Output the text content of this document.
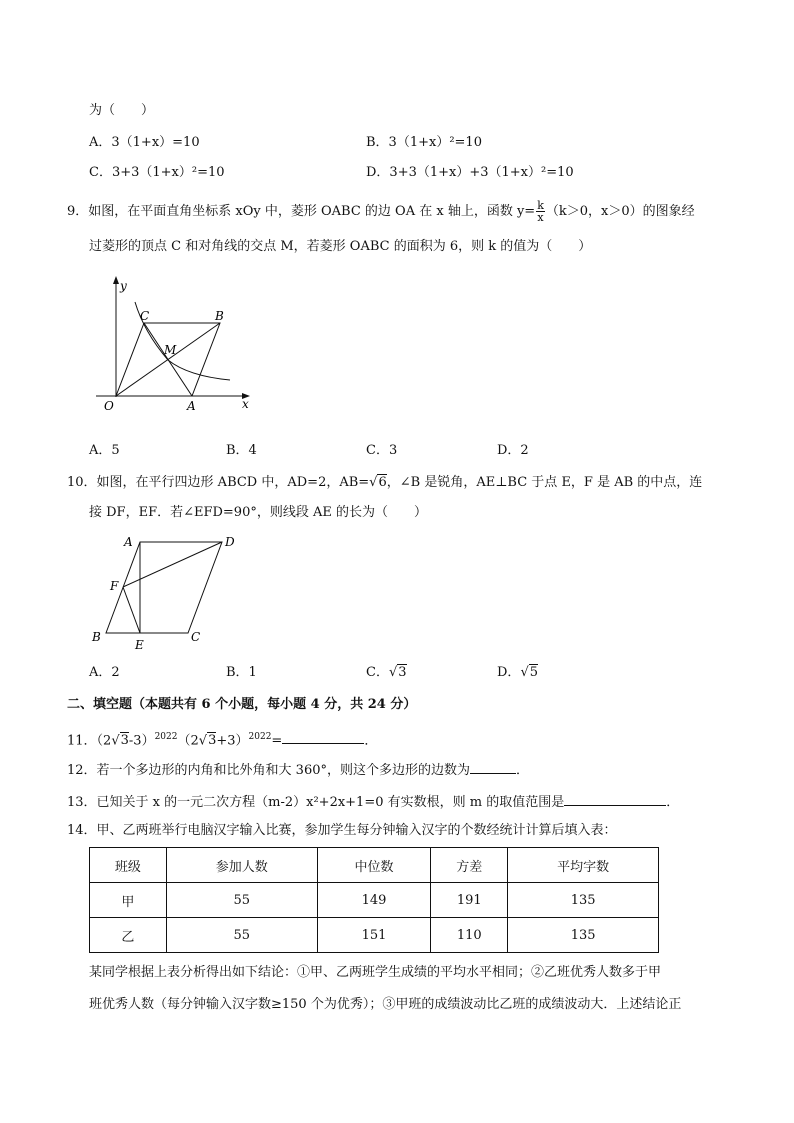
为（　　）
A．3（1+x）=10	B．3（1+x）²=10
C．3+3（1+x）²=10	D．3+3（1+x）+3（1+x）²=10
9．如图，在平面直角坐标系 xOy 中，菱形 OABC 的边 OA 在 x 轴上，函数 $y= \frac{k}{x} (k>0$，x＞0）的图象经
过菱形的顶点 C 和对角线的交点 M，若菱形 OABC 的面积为 6，则 k 的值为（　　）
y
C	B
M
O	A	x
A．5	B．4	C．3	D．2
10．如图，在平行四边形 ABCD 中，AD=2，AB=√6，∠B 是锐角，AE⊥BC 于点 E，F 是 AB 的中点，连
接 DF，EF．若∠EFD=90°，则线段 AE 的长为（　　）
A	D
F
B
E
C
A．2	B．1	C．√3	D．√5
二、填空题（本题共有 6 个小题，每小题 4 分，共 24 分）
11．$(2√3-3)^{2022}(2√3+3)^{2022}=$	．
12．若一个多边形的内角和比外角和大 360°，则这个多边形的边数为	．
13．已知关于 x 的一元二次方程（m-2）x²+2x+1=0 有实数根，则 m 的取值范围是	．
14．甲、乙两班举行电脑汉字输入比赛，参加学生每分钟输入汉字的个数经统计计算后填入表：
班级	参加人数	中位数	方差	平均字数
甲	55	149	191	135
乙	55	151	110	135
某同学根据上表分析得出如下结论：①甲、乙两班学生成绩的平均水平相同；②乙班优秀人数多于甲
班优秀人数（每分钟输入汉字数≥150 个为优秀）；③甲班的成绩波动比乙班的成绩波动大．上述结论正
